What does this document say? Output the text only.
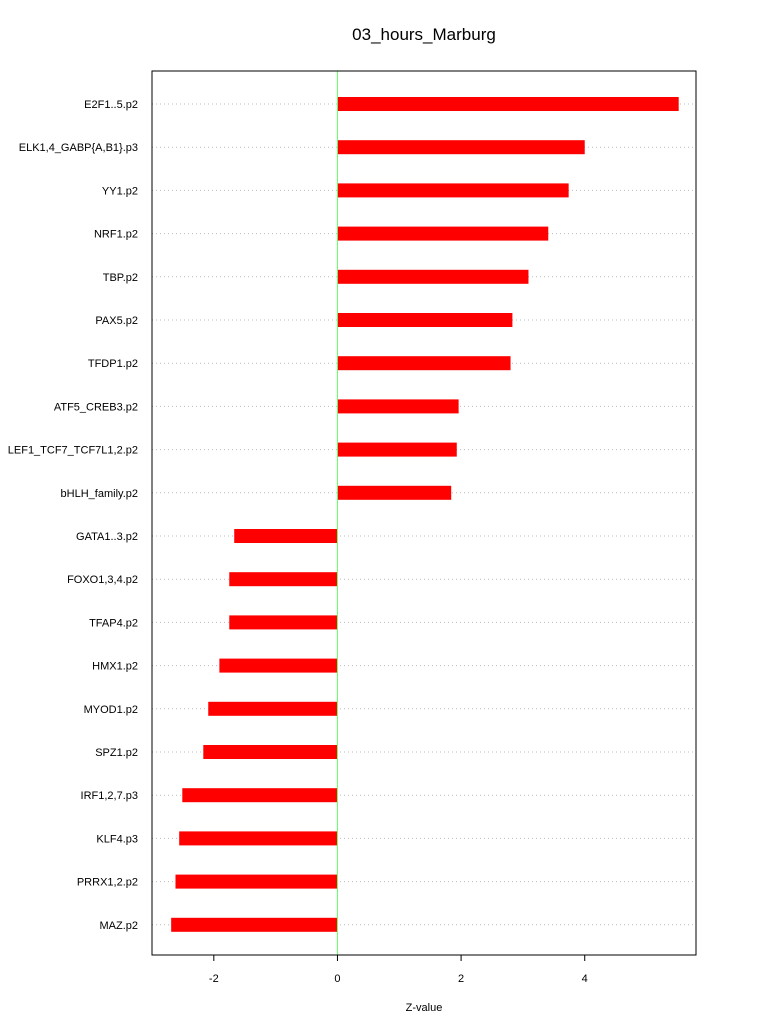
03_hours_Marburg
E2F1..5.p2
ELK1,4_GABP{A,B1}.p3
YY1.p2
NRF1.p2
TBP.p2
PAX5.p2
TFDP1.p2
ATF5_CREB3.p2
LEF1_TCF7_TCF7L1,2.p2
bHLH_family.p2
GATA1..3.p2
FOXO1,3,4.p2
TFAP4.p2
HMX1.p2
MYOD1.p2
SPZ1.p2
IRF1,2,7.p3
KLF4.p3
PRRX1,2.p2
MAZ.p2
-2	0	2	4
Z-value
